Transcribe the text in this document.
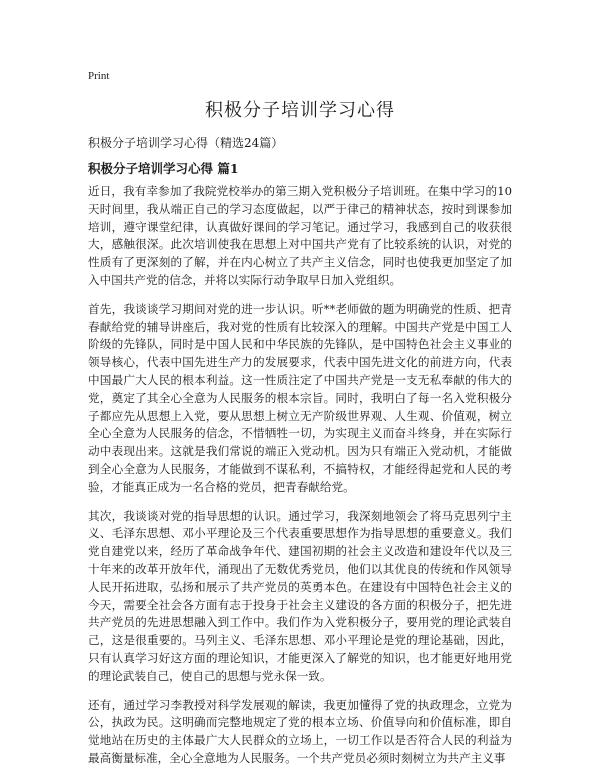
Print
积极分子培训学习心得

积极分子培训学习心得（精选24篇）

积极分子培训学习心得 篇1

近日，我有幸参加了我院党校举办的第三期入党积极分子培训班。在集中学习的10天时间里，我从端正自己的学习态度做起，以严于律己的精神状态，按时到课参加培训，遵守课堂纪律，认真做好课间的学习笔记。通过学习，我感到自己的收获很大，感触很深。此次培训使我在思想上对中国共产党有了比较系统的认识，对党的性质有了更深刻的了解，并在内心树立了共产主义信念，同时也使我更加坚定了加入中国共产党的信念，并将以实际行动争取早日加入党组织。

首先，我谈谈学习期间对党的进一步认识。听**老师做的题为明确党的性质、把青春献给党的辅导讲座后，我对党的性质有比较深入的理解。中国共产党是中国工人阶级的先锋队，同时是中国人民和中华民族的先锋队，是中国特色社会主义事业的领导核心，代表中国先进生产力的发展要求，代表中国先进文化的前进方向，代表中国最广大人民的根本利益。这一性质注定了中国共产党是一支无私奉献的伟大的党，奠定了其全心全意为人民服务的根本宗旨。同时，我明白了每一名入党积极分子都应先从思想上入党，要从思想上树立无产阶级世界观、人生观、价值观，树立全心全意为人民服务的信念，不惜牺牲一切，为实现主义而奋斗终身，并在实际行动中表现出来。这就是我们常说的端正入党动机。因为只有端正入党动机，才能做到全心全意为人民服务，才能做到不谋私利，不搞特权，才能经得起党和人民的考验，才能真正成为一名合格的党员，把青春献给党。

其次，我谈谈对党的指导思想的认识。通过学习，我深刻地领会了将马克思列宁主义、毛泽东思想、邓小平理论及三个代表重要思想作为指导思想的重要意义。我们党自建党以来，经历了革命战争年代、建国初期的社会主义改造和建设年代以及三十年来的改革开放年代，涌现出了无数优秀党员，他们以其优良的传统和作风领导人民开拓进取，弘扬和展示了共产党员的英勇本色。在建设有中国特色社会主义的今天，需要全社会各方面有志于投身于社会主义建设的各方面的积极分子，把先进共产党员的先进思想融入到工作中。我们作为入党积极分子，要用党的理论武装自己，这是很重要的。马列主义、毛泽东思想、邓小平理论是党的理论基础，因此，只有认真学习好这方面的理论知识，才能更深入了解党的知识，也才能更好地用党的理论武装自己，使自己的思想与党永保一致。

还有，通过学习李教授对科学发展观的解读，我更加懂得了党的执政理念，立党为公，执政为民。这明确而完整地规定了党的根本立场、价值导向和价值标准，即自觉地站在历史的主体最广大人民群众的立场上，一切工作以是否符合人民的利益为最高衡量标准，全心全意地为人民服务。一个共产党员必须时刻树立为共产主义事
